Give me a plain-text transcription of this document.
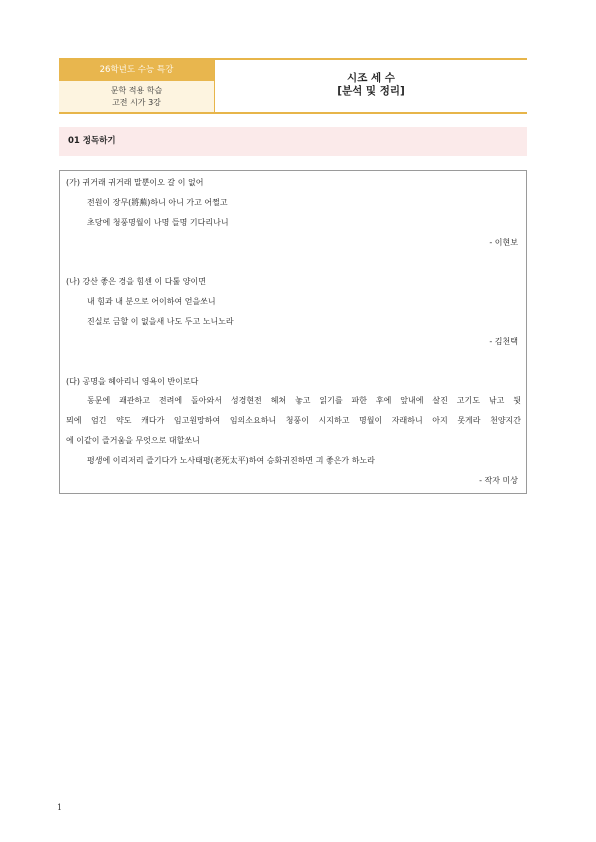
26학년도 수능 특강
문학 적용 학습
고전 시가 3강
시조 세 수
[분석 및 정리]
01 정독하기
(가) 귀거래 귀거래 말뿐이오 갈 이 없어
전원이 장무(將蕪)하니 아니 가고 어쩔고
초당에 청풍명월이 나명 들명 기다리나니
- 이현보
(나) 강산 좋은 경을 힘센 이 다툴 양이면
내 힘과 내 분으로 어이하여 얻을쏘니
진실로 금할 이 없을새 나도 두고 노니노라
- 김천택
(다) 공명을 헤아리니 영욕이 반이로다
동문에 괘관하고 전려에 돌아와서 성경현전 헤쳐 놓고 읽기를 파한 후에 앞내에 살진 고기도 낚고 뒷
뫼에 엄긴 약도 캐다가 임고원망하여 임의소요하니 청풍이 시지하고 명월이 자래하니 아지 못게라 천양지간
에 이같이 즐거움을 무엇으로 대할쏘니
평생에 이리저리 즐기다가 노사태평(老死太平)하여 승화귀진하면 긔 좋은가 하노라
- 작자 미상
1
